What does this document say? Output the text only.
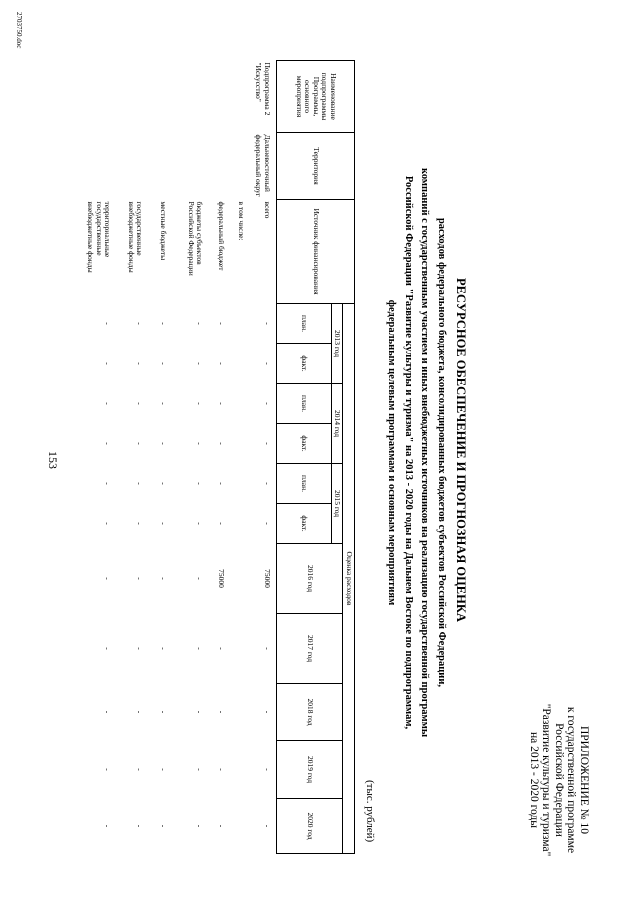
153
ПРИЛОЖЕНИЕ № 10
к государственной программе
Российской Федерации
"Развитие культуры и туризма"
на 2013 - 2020 годы
РЕСУРСНОЕ ОБЕСПЕЧЕНИЕ И ПРОГНОЗНАЯ ОЦЕНКА
расходов федерального бюджета, консолидированных бюджетов субъектов Российской Федерации,
компаний с государственным участием и иных внебюджетных источников на реализацию государственной программы
Российской Федерации "Развитие культуры и туризма" на 2013 - 2020 годы на Дальнем Востоке по подпрограммам,
федеральным целевым программам и основным мероприятиям
(тыс. рублей)
Наименование подпрограммы Программы, основного мероприятия	Территория	Источник финансирования	Оценка расходов										
			2013 год		2014 год		2015 год		2016 год	2017 год	2018 год	2019 год	2020 год
			план.	факт.	план.	факт.	план.	факт.					
Подпрограмма 2 "Искусство"	Дальневосточный федеральный округ	всего	-	-	-	-	-	-	75000	-	-	-	-
		в том числе:											
		федеральный бюджет	-	-	-	-	-	-	75000	-	-	-	-
		бюджеты субъектов Российской Федерации	-	-	-	-	-	-	-	-	-	-	-
		местные бюджеты	-	-	-	-	-	-	-	-	-	-	-
		государственные внебюджетные фонды	-	-	-	-	-	-	-	-	-	-	-
		территориальные государственные внебюджетные фонды	-	-	-	-	-	-	-	-	-	-	-
2703750.doc
